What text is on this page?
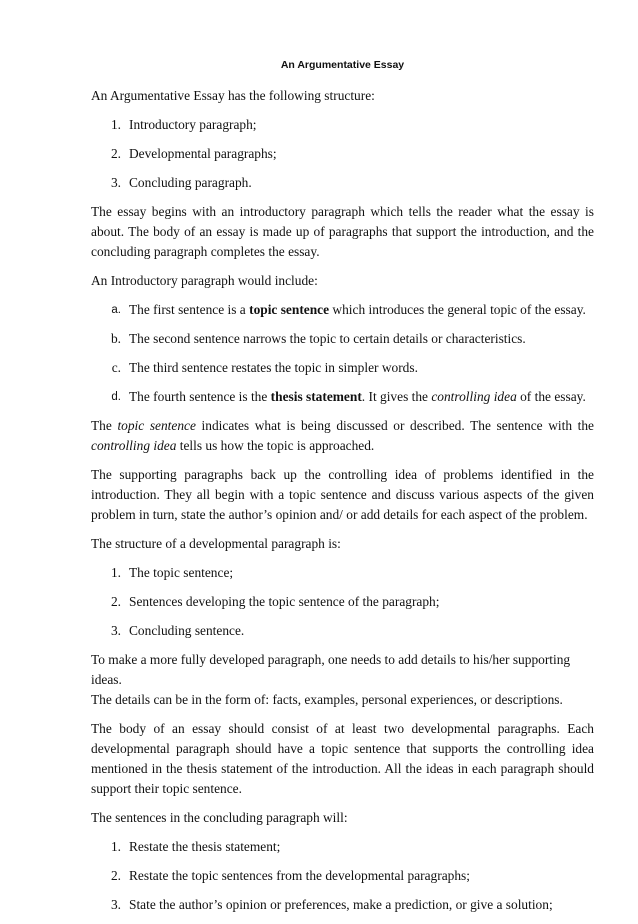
An Argumentative Essay

An Argumentative Essay has the following structure:

1. Introductory paragraph;
2. Developmental paragraphs;
3. Concluding paragraph.

The essay begins with an introductory paragraph which tells the reader what the essay is about. The body of an essay is made up of paragraphs that support the introduction, and the concluding paragraph completes the essay.

An Introductory paragraph would include:

a. The first sentence is a topic sentence which introduces the general topic of the essay.
b. The second sentence narrows the topic to certain details or characteristics.
c. The third sentence restates the topic in simpler words.
d. The fourth sentence is the thesis statement. It gives the controlling idea of the essay.

The topic sentence indicates what is being discussed or described. The sentence with the controlling idea tells us how the topic is approached.

The supporting paragraphs back up the controlling idea of problems identified in the introduction. They all begin with a topic sentence and discuss various aspects of the given problem in turn, state the author’s opinion and/ or add details for each aspect of the problem.

The structure of a developmental paragraph is:

1. The topic sentence;
2. Sentences developing the topic sentence of the paragraph;
3. Concluding sentence.

To make a more fully developed paragraph, one needs to add details to his/her supporting ideas.
The details can be in the form of: facts, examples, personal experiences, or descriptions.

The body of an essay should consist of at least two developmental paragraphs. Each developmental paragraph should have a topic sentence that supports the controlling idea mentioned in the thesis statement of the introduction. All the ideas in each paragraph should support their topic sentence.

The sentences in the concluding paragraph will:

1. Restate the thesis statement;
2. Restate the topic sentences from the developmental paragraphs;
3. State the author’s opinion or preferences, make a prediction, or give a solution;
